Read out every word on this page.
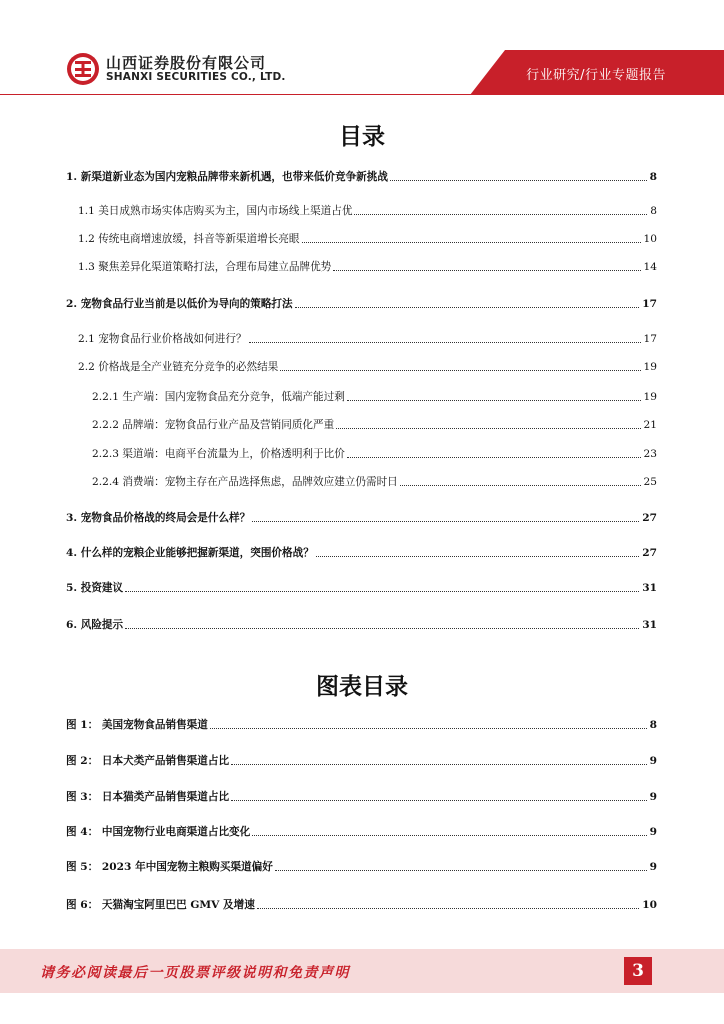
行业研究/行业专题报告
山西证券股份有限公司
SHANXI SECURITIES CO., LTD.
目录
1. 新渠道新业态为国内宠粮品牌带来新机遇，也带来低价竞争新挑战	8
1.1 美日成熟市场实体店购买为主，国内市场线上渠道占优	8
1.2 传统电商增速放缓，抖音等新渠道增长亮眼	10
1.3 聚焦差异化渠道策略打法，合理布局建立品牌优势	14
2. 宠物食品行业当前是以低价为导向的策略打法	17
2.1 宠物食品行业价格战如何进行？	17
2.2 价格战是全产业链充分竞争的必然结果	19
2.2.1 生产端：国内宠物食品充分竞争，低端产能过剩	19
2.2.2 品牌端：宠物食品行业产品及营销同质化严重	21
2.2.3 渠道端：电商平台流量为上，价格透明利于比价	23
2.2.4 消费端：宠物主存在产品选择焦虑，品牌效应建立仍需时日	25
3. 宠物食品价格战的终局会是什么样？	27
4. 什么样的宠粮企业能够把握新渠道，突围价格战？	27
5. 投资建议	31
6. 风险提示	31
图表目录
图 1： 美国宠物食品销售渠道	8
图 2： 日本犬类产品销售渠道占比	9
图 3： 日本猫类产品销售渠道占比	9
图 4： 中国宠物行业电商渠道占比变化	9
图 5： 2023 年中国宠物主粮购买渠道偏好	9
图 6： 天猫淘宝阿里巴巴 GMV 及增速	10
请务必阅读最后一页股票评级说明和免责声明	3
